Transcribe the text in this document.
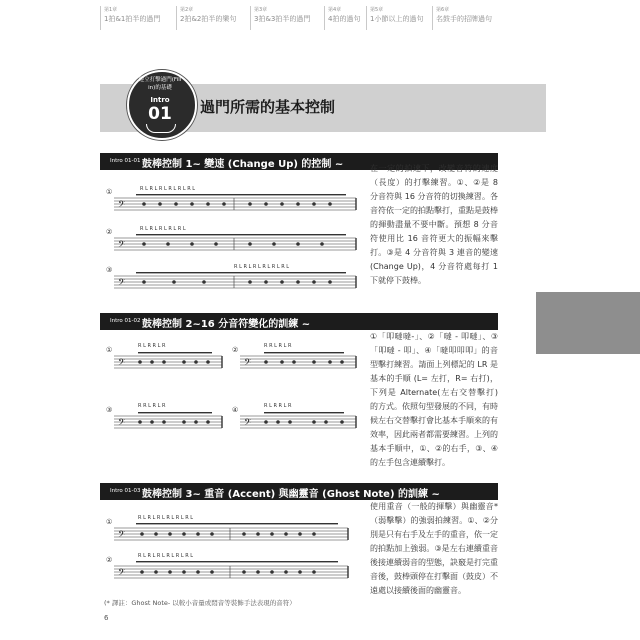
第1章
1拍&1拍半的過門
第2章
2拍&2拍半的樂句
第3章
3拍&3拍半的過門
第4章
4拍的過句
第5章
1小節以上的過句
第6章
名鼓手的招牌過句
建立打擊過門(Fill in)的基礎
Intro
01	過門所需的基本控制
Intro 01-01 »
鼓棒控制 1~ 變速 (Change Up) 的控制 ~
①
②
③
𝄢
𝄢
𝄢
R L R L R L R L R L R L
R L R L R L R L R L
R L R L R L R L R L R L
在一定的拍速下，改變音符的速度（長度）的打擊練習。①、②是 8 分音符與 16 分音符的切換練習。各音符依一定的拍點擊打，重點是鼓棒的揮動盡量不要中斷。預想 8 分音符使用比 16 音符更大的振幅來擊打。③是 4 分音符與 3 連音的變速 (Change Up)，4 分音符處每打 1 下就停下鼓棒。
Intro 01-02 »
鼓棒控制 2~16 分音符變化的訓練 ~
①	②
③	④
𝄢	𝄢
𝄢	𝄢
R L R R L R	R R L R L R
R R L R L R	R L R R L R
①「叩噠噠-」、②「噠 - 叩噠」、③「叩噠 - 叩」、④「噠叩叩叩」的音型擊打練習。請面上列標記的 LR 是基本的手順 (L= 左打，R= 右打)，下列是 Alternate(左右交替擊打) 的方式。依照句型發展的不同，有時候左右交替擊打會比基本手順來的有效率，因此兩者都需要練習。上列的基本手順中，①、②的右手，③、④的左手包含連續擊打。
Intro 01-03 »
鼓棒控制 3~ 重音 (Accent) 與幽靈音 (Ghost Note) 的訓練 ~
①
②
𝄢
𝄢
R L R L R L R L R L R L
R L R L R L R L R L R L
使用重音（一般的揮擊）與幽靈音*（弱擊擊）的強弱拍練習。①、②分別是只有右手及左手的重音，依一定的拍點加上強弱。③是左右連續重音後接連續弱音的型態，訣竅是打完重音後，鼓棒頭停在打擊面（鼓皮）不遠處以接續後面的幽靈音。
(* 譯註：Ghost Note- 以較小音量或悶音等裝飾手法表現的音符）
6
